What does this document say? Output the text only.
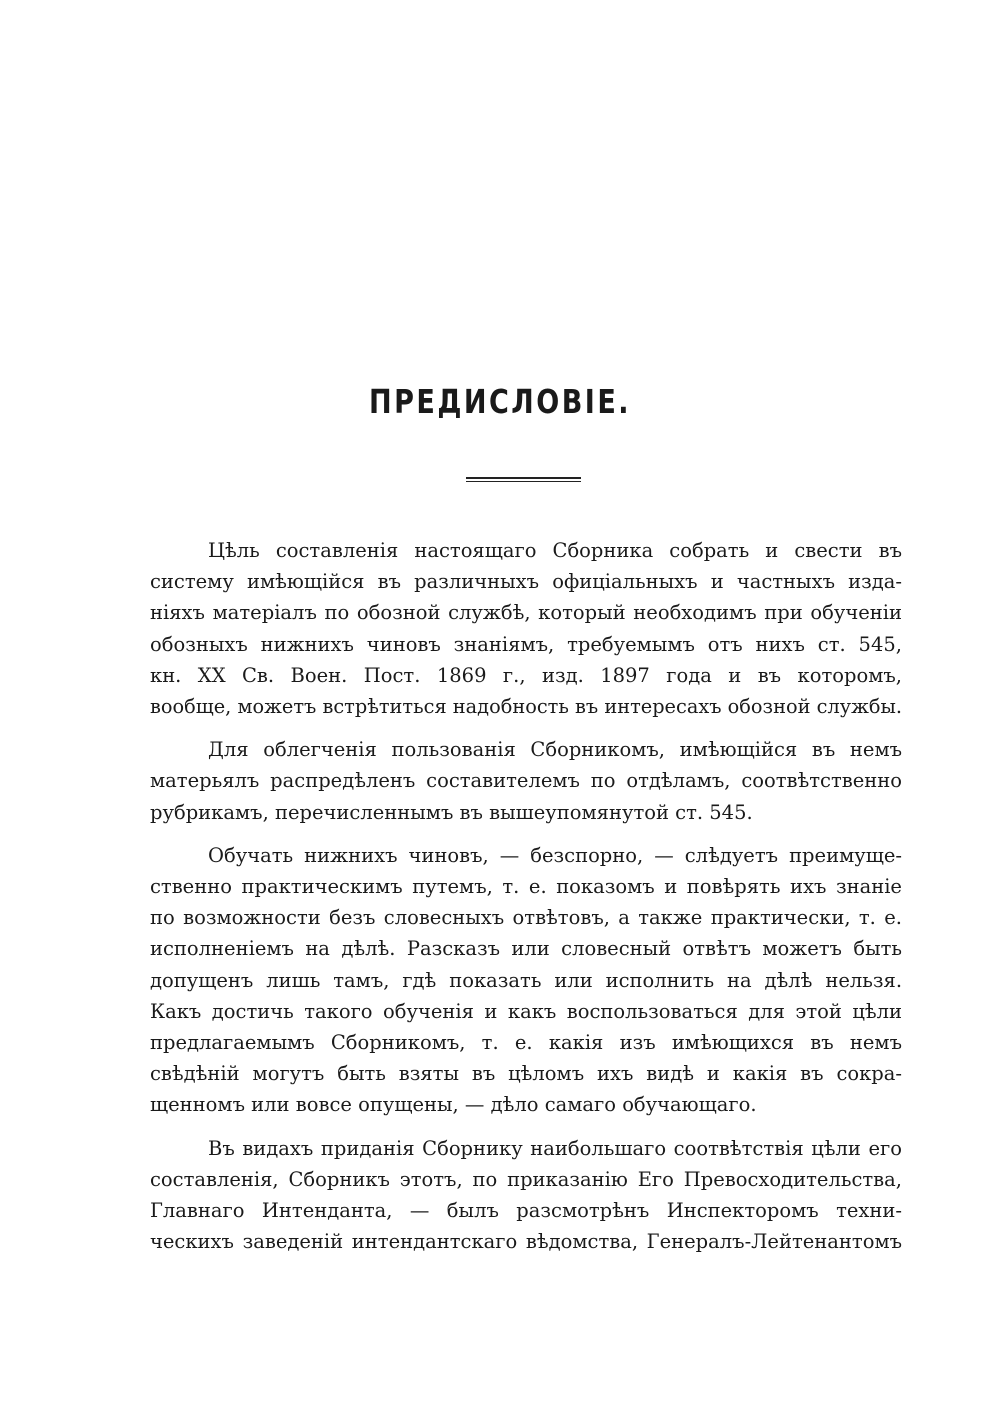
ПРЕДИСЛОВІЕ.
Цѣль составленія настоящаго Сборника собрать и свести въ
систему имѣющійся въ различныхъ офиціальныхъ и частныхъ изда-
ніяхъ матеріалъ по обозной службѣ, который необходимъ при обученіи
обозныхъ нижнихъ чиновъ знаніямъ, требуемымъ отъ нихъ ст. 545,
кн. XX Св. Воен. Пост. 1869 г., изд. 1897 года и въ которомъ,
вообще, можетъ встрѣтиться надобность въ интересахъ обозной службы.
Для облегченія пользованія Сборникомъ, имѣющійся въ немъ
матерьялъ распредѣленъ составителемъ по отдѣламъ, соотвѣтственно
рубрикамъ, перечисленнымъ въ вышеупомянутой ст. 545.
Обучать нижнихъ чиновъ, — безспорно, — слѣдуетъ преимуще-
ственно практическимъ путемъ, т. е. показомъ и повѣрять ихъ знаніе
по возможности безъ словесныхъ отвѣтовъ, а также практически, т. е.
исполненіемъ на дѣлѣ. Разсказъ или словесный отвѣтъ можетъ быть
допущенъ лишь тамъ, гдѣ показать или исполнить на дѣлѣ нельзя.
Какъ достичь такого обученія и какъ воспользоваться для этой цѣли
предлагаемымъ Сборникомъ, т. е. какія изъ имѣющихся въ немъ
свѣдѣній могутъ быть взяты въ цѣломъ ихъ видѣ и какія въ сокра-
щенномъ или вовсе опущены, — дѣло самаго обучающаго.
Въ видахъ приданія Сборнику наибольшаго соотвѣтствія цѣли его
составленія, Сборникъ этотъ, по приказанію Его Превосходительства,
Главнаго Интенданта, — былъ разсмотрѣнъ Инспекторомъ техни-
ческихъ заведеній интендантскаго вѣдомства, Генералъ-Лейтенантомъ
